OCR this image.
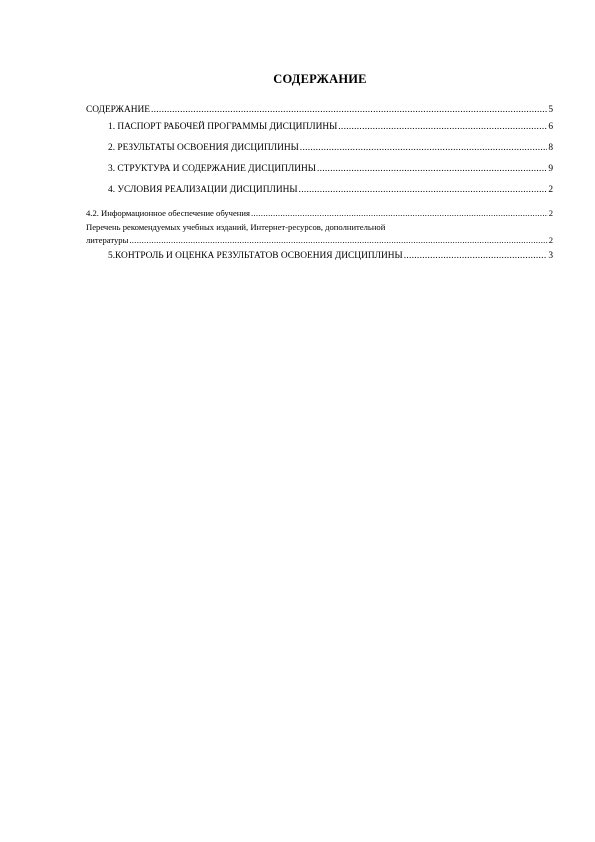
СОДЕРЖАНИЕ
СОДЕРЖАНИЕ .....	5
1. ПАСПОРТ РАБОЧЕЙ ПРОГРАММЫ ДИСЦИПЛИНЫ .....	6
2. РЕЗУЛЬТАТЫ ОСВОЕНИЯ ДИСЦИПЛИНЫ .....	8
3. СТРУКТУРА И СОДЕРЖАНИЕ ДИСЦИПЛИНЫ .....	9
4. УСЛОВИЯ РЕАЛИЗАЦИИ ДИСЦИПЛИНЫ .....	2
4.2. Информационное обеспечение обучения .....	2
Перечень рекомендуемых учебных изданий, Интернет-ресурсов, дополнительной
литературы .....	2
5.КОНТРОЛЬ И ОЦЕНКА РЕЗУЛЬТАТОВ ОСВОЕНИЯ ДИСЦИПЛИНЫ .....	3
